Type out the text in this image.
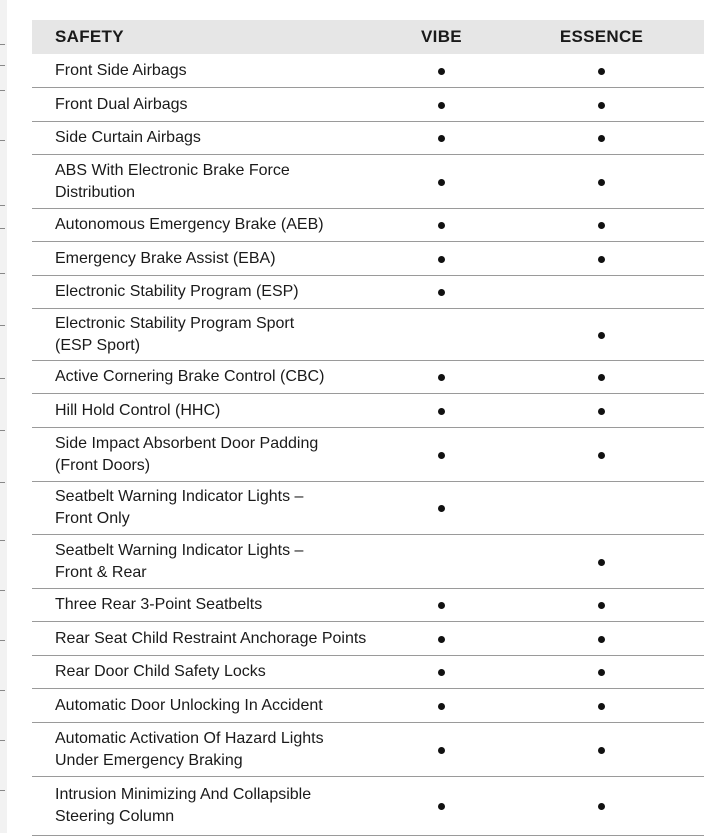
SAFETY	VIBE	ESSENCE
Front Side Airbags
Front Dual Airbags
Side Curtain Airbags
ABS With Electronic Brake Force
Distribution
Autonomous Emergency Brake (AEB)
Emergency Brake Assist (EBA)
Electronic Stability Program (ESP)
Electronic Stability Program Sport
(ESP Sport)
Active Cornering Brake Control (CBC)
Hill Hold Control (HHC)
Side Impact Absorbent Door Padding
(Front Doors)
Seatbelt Warning Indicator Lights –
Front Only
Seatbelt Warning Indicator Lights –
Front & Rear
Three Rear 3-Point Seatbelts
Rear Seat Child Restraint Anchorage Points
Rear Door Child Safety Locks
Automatic Door Unlocking In Accident
Automatic Activation Of Hazard Lights
Under Emergency Braking
Intrusion Minimizing And Collapsible
Steering Column
